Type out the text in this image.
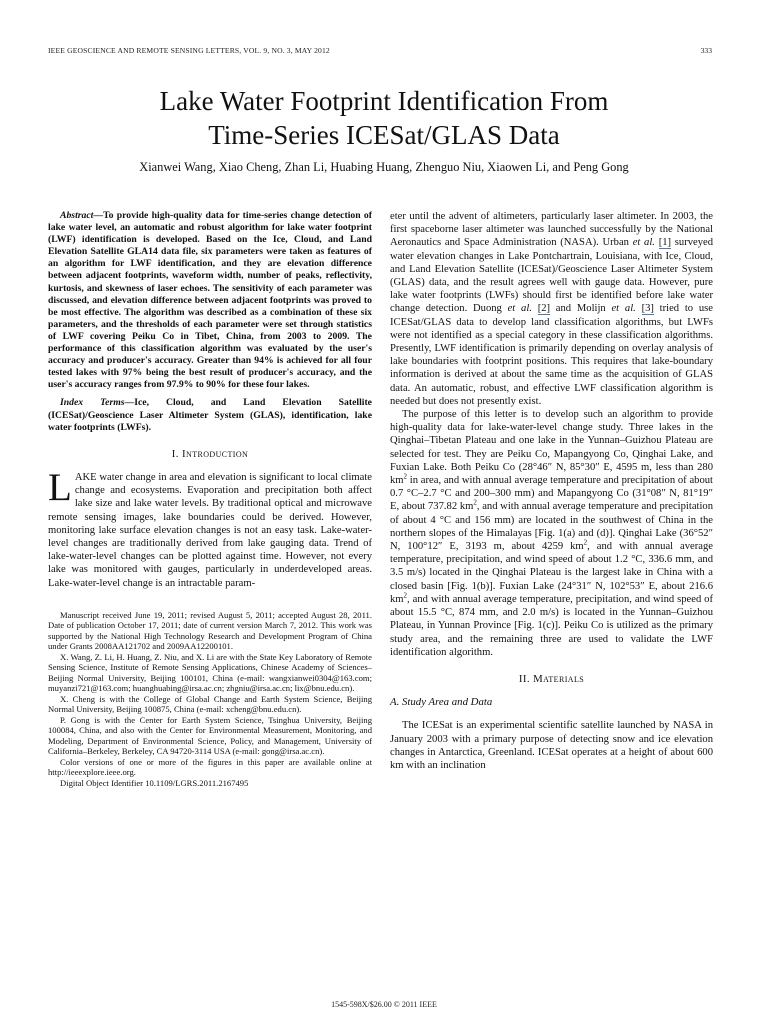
IEEE GEOSCIENCE AND REMOTE SENSING LETTERS, VOL. 9, NO. 3, MAY 2012	333
Lake Water Footprint Identification From
Time-Series ICESat/GLAS Data
Xianwei Wang, Xiao Cheng, Zhan Li, Huabing Huang, Zhenguo Niu, Xiaowen Li, and Peng Gong

Abstract—To provide high-quality data for time-series change detection of lake water level, an automatic and robust algorithm for lake water footprint (LWF) identification is developed. Based on the Ice, Cloud, and Land Elevation Satellite GLA14 data file, six parameters were taken as features of an algorithm for LWF identification, and they are elevation difference between adjacent footprints, waveform width, number of peaks, reflectivity, kurtosis, and skewness of laser echoes. The sensitivity of each parameter was discussed, and elevation difference between adjacent footprints was proved to be most effective. The algorithm was described as a combination of these six parameters, and the thresholds of each parameter were set through statistics of LWF covering Peiku Co in Tibet, China, from 2003 to 2009. The performance of this classification algorithm was evaluated by the user's accuracy and producer's accuracy. Greater than 94% is achieved for all four tested lakes with 97% being the best result of producer's accuracy, and the user's accuracy ranges from 97.9% to 90% for these four lakes.

Index Terms—Ice, Cloud, and Land Elevation Satellite (ICESat)/Geoscience Laser Altimeter System (GLAS), identification, lake water footprints (LWFs).

I. Introduction

LAKE water change in area and elevation is significant to local climate change and ecosystems. Evaporation and precipitation both affect lake size and lake water levels. By traditional optical and microwave remote sensing images, lake boundaries could be derived. However, monitoring lake surface elevation changes is not an easy task. Lake-water-level changes are traditionally derived from lake gauging data. Trend of lake-water-level changes can be plotted against time. However, not every lake was monitored with gauges, particularly in underdeveloped areas. Lake-water-level change is an intractable param-

Manuscript received June 19, 2011; revised August 5, 2011; accepted August 28, 2011. Date of publication October 17, 2011; date of current version March 7, 2012. This work was supported by the National High Technology Research and Development Program of China under Grants 2008AA121702 and 2009AA12200101.

X. Wang, Z. Li, H. Huang, Z. Niu, and X. Li are with the State Key Laboratory of Remote Sensing Science, Institute of Remote Sensing Applications, Chinese Academy of Sciences–Beijing Normal University, Beijing 100101, China (e-mail: wangxianwei0304@163.com; muyanzi721@163.com; huanghuabing@irsa.ac.cn; zhgniu@irsa.ac.cn; lix@bnu.edu.cn).

X. Cheng is with the College of Global Change and Earth System Science, Beijing Normal University, Beijing 100875, China (e-mail: xcheng@bnu.edu.cn).

P. Gong is with the Center for Earth System Science, Tsinghua University, Beijing 100084, China, and also with the Center for Environmental Measurement, Monitoring, and Modeling, Department of Environmental Science, Policy, and Management, University of California–Berkeley, Berkeley, CA 94720-3114 USA (e-mail: gong@irsa.ac.cn).

Color versions of one or more of the figures in this paper are available online at http://ieeexplore.ieee.org.

Digital Object Identifier 10.1109/LGRS.2011.2167495

eter until the advent of altimeters, particularly laser altimeter. In 2003, the first spaceborne laser altimeter was launched successfully by the National Aeronautics and Space Administration (NASA). Urban et al. [1] surveyed water elevation changes in Lake Pontchartrain, Louisiana, with Ice, Cloud, and Land Elevation Satellite (ICESat)/Geoscience Laser Altimeter System (GLAS) data, and the result agrees well with gauge data. However, pure lake water footprints (LWFs) should first be identified before lake water change detection. Duong et al. [2] and Molijn et al. [3] tried to use ICESat/GLAS data to develop land classification algorithms, but LWFs were not identified as a special category in these classification algorithms. Presently, LWF identification is primarily depending on overlay analysis of lake boundaries with footprint positions. This requires that lake-boundary information is derived at about the same time as the acquisition of GLAS data. An automatic, robust, and effective LWF classification algorithm is needed but does not presently exist.

The purpose of this letter is to develop such an algorithm to provide high-quality data for lake-water-level change study. Three lakes in the Qinghai–Tibetan Plateau and one lake in the Yunnan–Guizhou Plateau are selected for test. They are Peiku Co, Mapangyong Co, Qinghai Lake, and Fuxian Lake. Both Peiku Co (28°46″ N, 85°30″ E, 4595 m, less than 280 $km^2$ in area, and with annual average temperature and precipitation of about 0.7 °C–2.7 °C and 200–300 mm) and Mapangyong Co (31°08″ N, 81°19″ E, about 737.82 $km^2$, and with annual average temperature and precipitation of about 4 °C and 156 mm) are located in the southwest of China in the northern slopes of the Himalayas [Fig. 1(a) and (d)]. Qinghai Lake (36°52″ N, 100°12″ E, 3193 m, about 4259 $km^2$, and with annual average temperature, precipitation, and wind speed of about 1.2 °C, 336.6 mm, and 3.5 m/s) located in the Qinghai Plateau is the largest lake in China with a closed basin [Fig. 1(b)]. Fuxian Lake (24°31″ N, 102°53″ E, about 216.6 $km^2$, and with annual average temperature, precipitation, and wind speed of about 15.5 °C, 874 mm, and 2.0 m/s) is located in the Yunnan–Guizhou Plateau, in Yunnan Province [Fig. 1(c)]. Peiku Co is utilized as the primary study area, and the remaining three are used to validate the LWF identification algorithm.

II. Materials

A. Study Area and Data

The ICESat is an experimental scientific satellite launched by NASA in January 2003 with a primary purpose of detecting snow and ice elevation changes in Antarctica, Greenland. ICESat operates at a height of about 600 km with an inclination

1545-598X/$26.00 © 2011 IEEE
